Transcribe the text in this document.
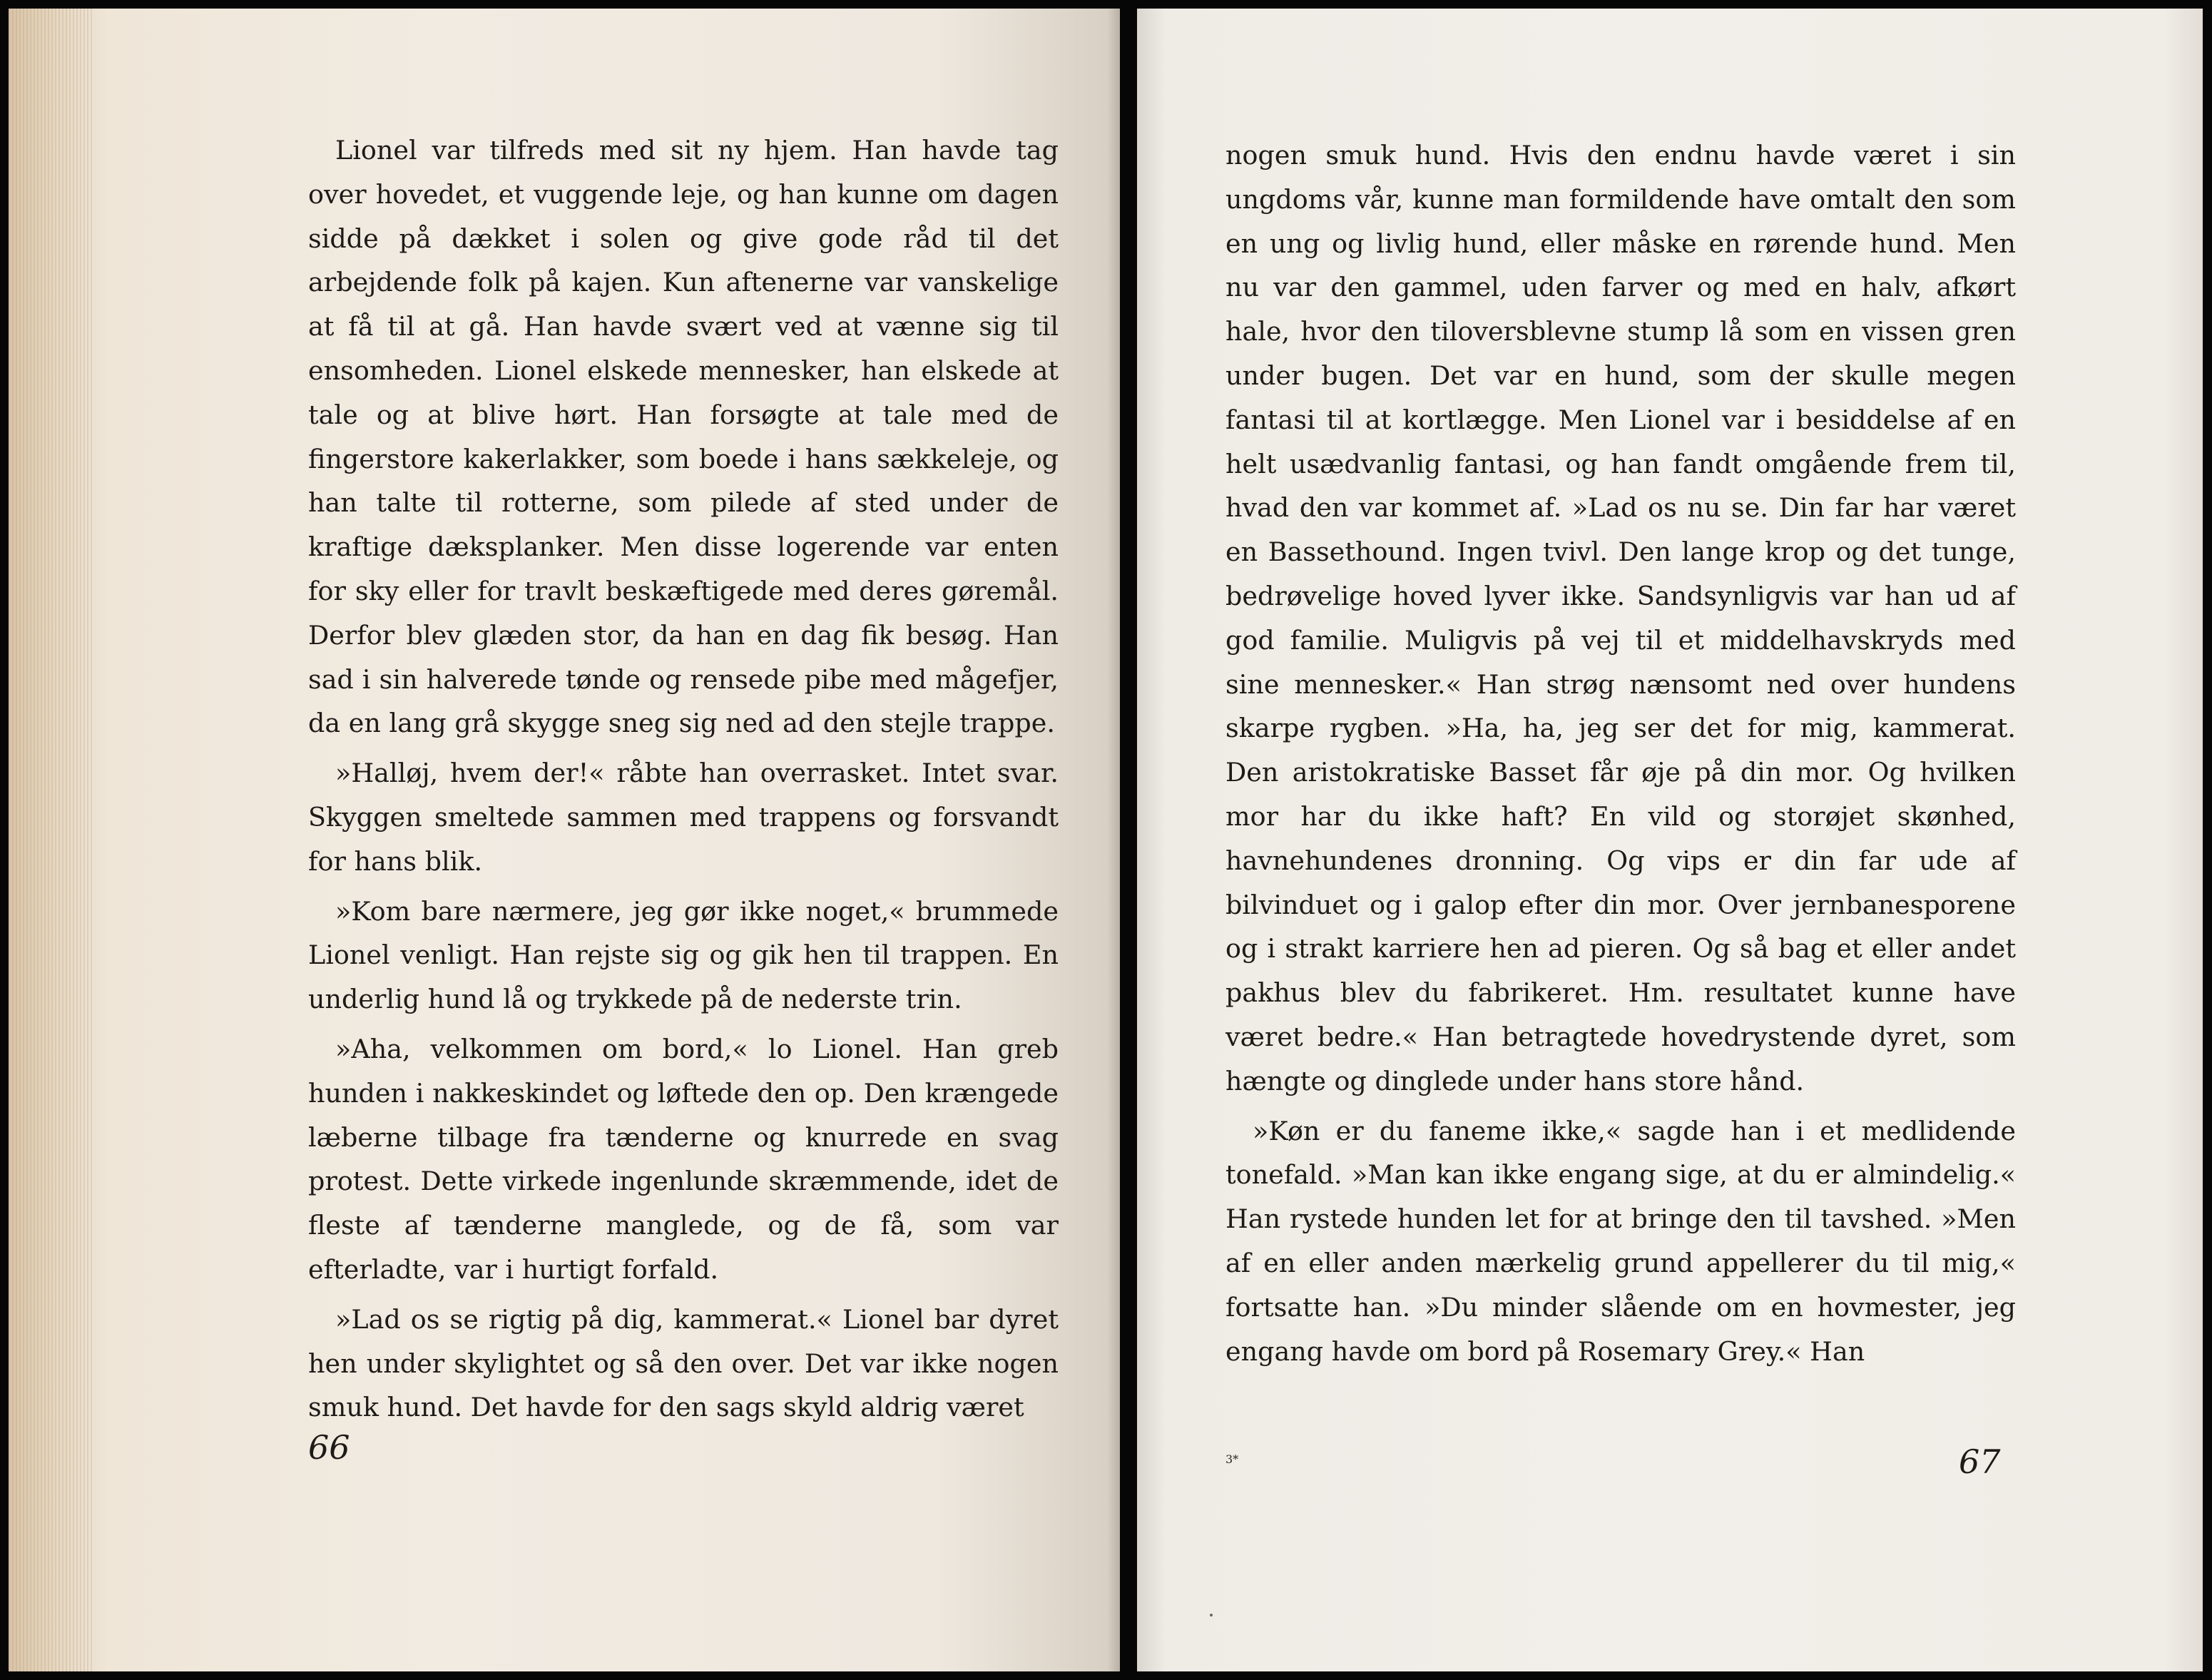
Lionel var tilfreds med sit ny hjem. Han havde tag over hovedet, et vuggende leje, og han kunne om dagen sidde på dækket i solen og give gode råd til det arbejdende folk på kajen. Kun aftenerne var vanskelige at få til at gå. Han havde svært ved at vænne sig til ensomheden. Lionel elskede mennesker, han elskede at tale og at blive hørt. Han forsøgte at tale med de fingerstore kakerlakker, som boede i hans sækkeleje, og han talte til rotterne, som pilede af sted under de kraftige dæksplanker. Men disse logerende var enten for sky eller for travlt beskæftigede med deres gøremål. Derfor blev glæden stor, da han en dag fik besøg. Han sad i sin halverede tønde og rensede pibe med mågefjer, da en lang grå skygge sneg sig ned ad den stejle trappe.

»Halløj, hvem der!« råbte han overrasket. Intet svar. Skyggen smeltede sammen med trappens og forsvandt for hans blik.

»Kom bare nærmere, jeg gør ikke noget,« brummede Lionel venligt. Han rejste sig og gik hen til trappen. En underlig hund lå og trykkede på de nederste trin.

»Aha, velkommen om bord,« lo Lionel. Han greb hunden i nakkeskindet og løftede den op. Den krængede læberne tilbage fra tænderne og knurrede en svag protest. Dette virkede ingenlunde skræmmende, idet de fleste af tænderne manglede, og de få, som var efterladte, var i hurtigt forfald.

»Lad os se rigtig på dig, kammerat.« Lionel bar dyret hen under skylightet og så den over. Det var ikke nogen smuk hund. Det havde for den sags skyld aldrig været

66

nogen smuk hund. Hvis den endnu havde været i sin ungdoms vår, kunne man formildende have omtalt den som en ung og livlig hund, eller måske en rørende hund. Men nu var den gammel, uden farver og med en halv, afkørt hale, hvor den tiloversblevne stump lå som en vissen gren under bugen. Det var en hund, som der skulle megen fantasi til at kortlægge. Men Lionel var i besiddelse af en helt usædvanlig fantasi, og han fandt omgående frem til, hvad den var kommet af. »Lad os nu se. Din far har været en Bassethound. Ingen tvivl. Den lange krop og det tunge, bedrøvelige hoved lyver ikke. Sandsynligvis var han ud af god familie. Muligvis på vej til et middelhavskryds med sine mennesker.« Han strøg nænsomt ned over hundens skarpe rygben. »Ha, ha, jeg ser det for mig, kammerat. Den aristokratiske Basset får øje på din mor. Og hvilken mor har du ikke haft? En vild og storøjet skønhed, havnehundenes dronning. Og vips er din far ude af bilvinduet og i galop efter din mor. Over jernbanesporene og i strakt karriere hen ad pieren. Og så bag et eller andet pakhus blev du fabrikeret. Hm. resultatet kunne have været bedre.« Han betragtede hovedrystende dyret, som hængte og dinglede under hans store hånd.

»Køn er du faneme ikke,« sagde han i et medlidende tonefald. »Man kan ikke engang sige, at du er almindelig.« Han rystede hunden let for at bringe den til tavshed. »Men af en eller anden mærkelig grund appellerer du til mig,« fortsatte han. »Du minder slående om en hovmester, jeg engang havde om bord på Rosemary Grey.« Han

3*	67
